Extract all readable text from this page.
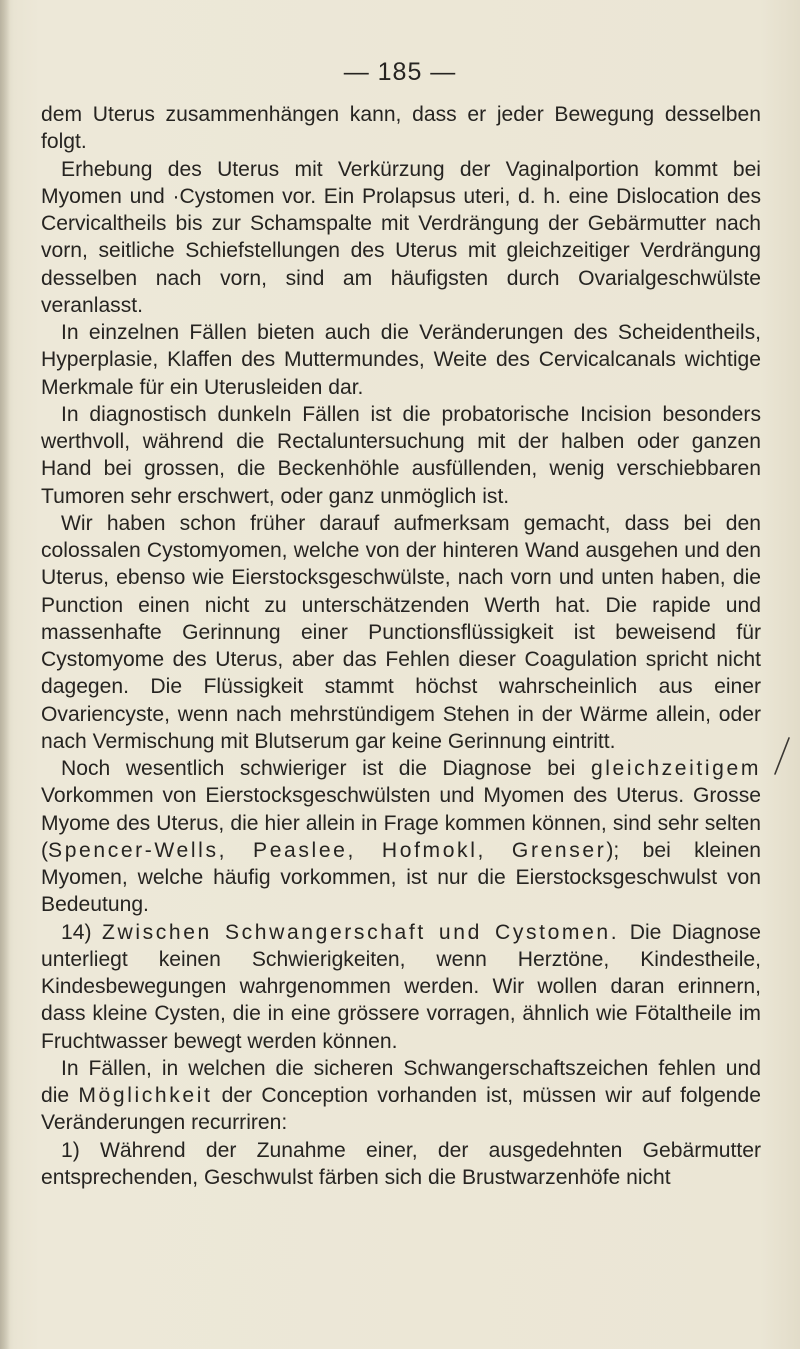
— 185 —

dem Uterus zusammenhängen kann, dass er jeder Bewegung desselben folgt.

Erhebung des Uterus mit Verkürzung der Vaginalportion kommt bei Myomen und ·Cystomen vor. Ein Prolapsus uteri, d. h. eine Dislocation des Cervicaltheils bis zur Schamspalte mit Verdrängung der Gebärmutter nach vorn, seitliche Schiefstellungen des Uterus mit gleichzeitiger Verdrängung desselben nach vorn, sind am häufigsten durch Ovarialgeschwülste veranlasst.

In einzelnen Fällen bieten auch die Veränderungen des Scheidentheils, Hyperplasie, Klaffen des Muttermundes, Weite des Cervicalcanals wichtige Merkmale für ein Uterusleiden dar.

In diagnostisch dunkeln Fällen ist die probatorische Incision besonders werthvoll, während die Rectaluntersuchung mit der halben oder ganzen Hand bei grossen, die Beckenhöhle ausfüllenden, wenig verschiebbaren Tumoren sehr erschwert, oder ganz unmöglich ist.

Wir haben schon früher darauf aufmerksam gemacht, dass bei den colossalen Cystomyomen, welche von der hinteren Wand ausgehen und den Uterus, ebenso wie Eierstocksgeschwülste, nach vorn und unten haben, die Punction einen nicht zu unterschätzenden Werth hat. Die rapide und massenhafte Gerinnung einer Punctionsflüssigkeit ist beweisend für Cystomyome des Uterus, aber das Fehlen dieser Coagulation spricht nicht dagegen. Die Flüssigkeit stammt höchst wahrscheinlich aus einer Ovariencyste, wenn nach mehrstündigem Stehen in der Wärme allein, oder nach Vermischung mit Blutserum gar keine Gerinnung eintritt.

Noch wesentlich schwieriger ist die Diagnose bei gleichzeitigem Vorkommen von Eierstocksgeschwülsten und Myomen des Uterus. Grosse Myome des Uterus, die hier allein in Frage kommen können, sind sehr selten (Spencer-Wells, Peaslee, Hofmokl, Grenser); bei kleinen Myomen, welche häufig vorkommen, ist nur die Eierstocksgeschwulst von Bedeutung.

14) Zwischen Schwangerschaft und Cystomen. Die Diagnose unterliegt keinen Schwierigkeiten, wenn Herztöne, Kindestheile, Kindesbewegungen wahrgenommen werden. Wir wollen daran erinnern, dass kleine Cysten, die in eine grössere vorragen, ähnlich wie Fötaltheile im Fruchtwasser bewegt werden können.

In Fällen, in welchen die sicheren Schwangerschaftszeichen fehlen und die Möglichkeit der Conception vorhanden ist, müssen wir auf folgende Veränderungen recurriren:

1) Während der Zunahme einer, der ausgedehnten Gebärmutter entsprechenden, Geschwulst färben sich die Brustwarzenhöfe nicht
